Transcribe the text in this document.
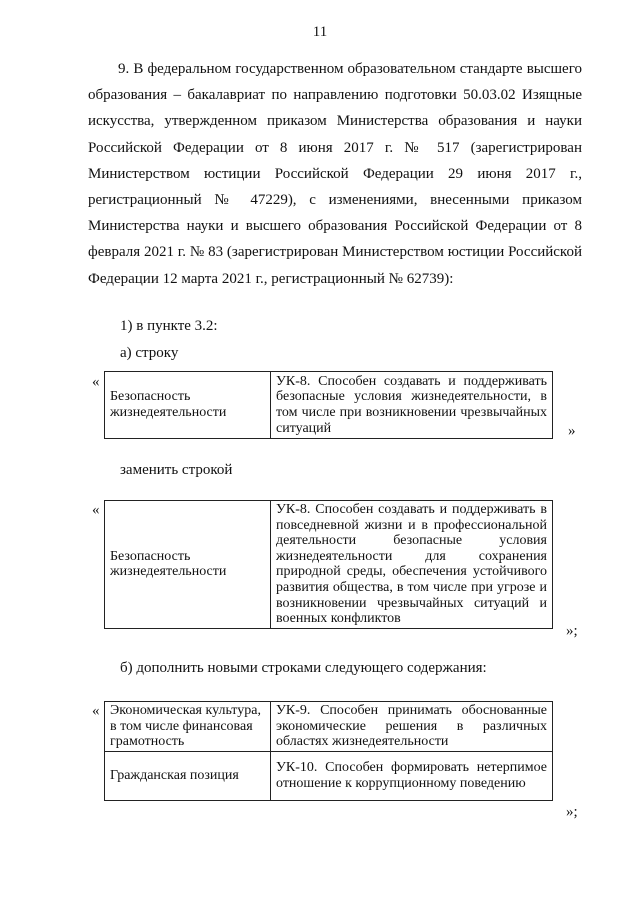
11

9. В федеральном государственном образовательном стандарте высшего образования – бакалавриат по направлению подготовки 50.03.02 Изящные искусства, утвержденном приказом Министерства образования и науки Российской Федерации от 8 июня 2017 г. № 517 (зарегистрирован Министерством юстиции Российской Федерации 29 июня 2017 г., регистрационный № 47229), с изменениями, внесенными приказом Министерства науки и высшего образования Российской Федерации от 8 февраля 2021 г. № 83 (зарегистрирован Министерством юстиции Российской Федерации 12 марта 2021 г., регистрационный № 62739):

1) в пункте 3.2:

а) строку

«
Безопасность жизнедеятельности	УК-8. Способен создавать и поддерживать безопасные условия жизнедеятельности, в том числе при возникновении чрезвычайных ситуаций	»

заменить строкой

«
Безопасность жизнедеятельности	УК-8. Способен создавать и поддерживать в повседневной жизни и в профессиональной деятельности безопасные условия жизнедеятельности для сохранения природной среды, обеспечения устойчивого развития общества, в том числе при угрозе и возникновении чрезвычайных ситуаций и военных конфликтов
»;

б) дополнить новыми строками следующего содержания:

« Экономическая культура, в том числе финансовая грамотность	УК-9. Способен принимать обоснованные экономические решения в различных областях жизнедеятельности
Гражданская позиция	УК-10. Способен формировать нетерпимое отношение к коррупционному поведению
»;
